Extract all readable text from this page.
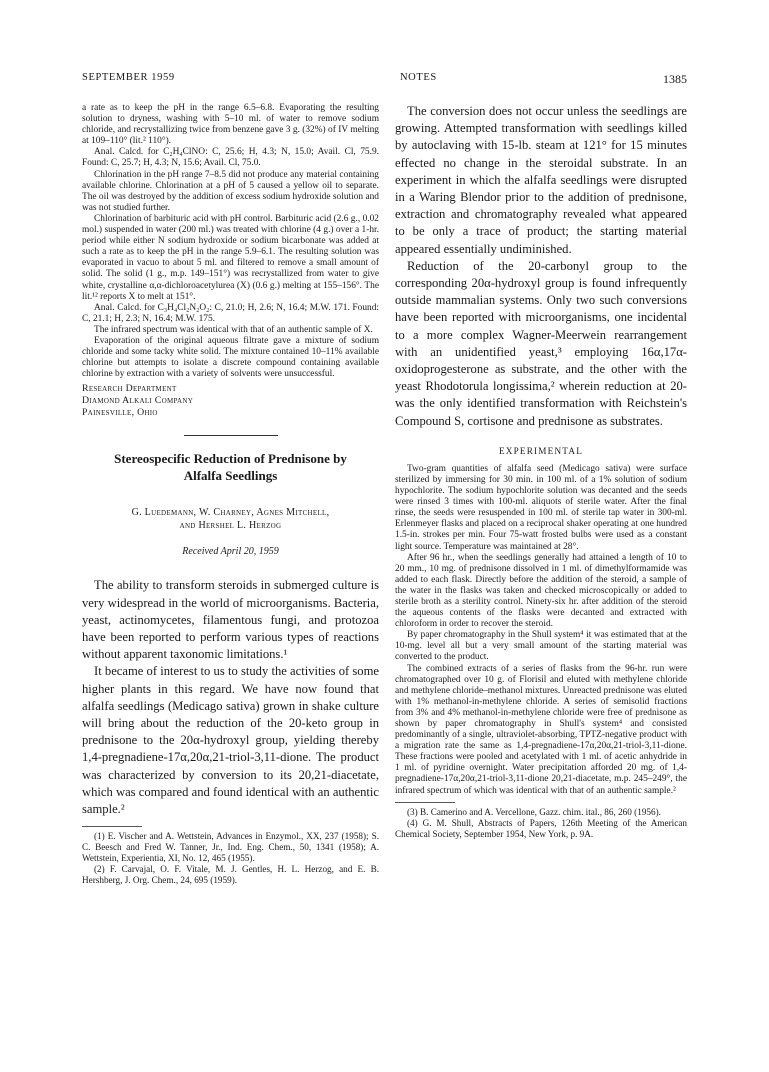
SEPTEMBER 1959	NOTES	1385

a rate as to keep the pH in the range 6.5–6.8. Evaporating the resulting solution to dryness, washing with 5–10 ml. of water to remove sodium chloride, and recrystallizing twice from benzene gave 3 g. (32%) of IV melting at 109–110° (lit.² 110°).

Anal. Calcd. for C₂H₄ClNO: C, 25.6; H, 4.3; N, 15.0; Avail. Cl, 75.9. Found: C, 25.7; H, 4.3; N, 15.6; Avail. Cl, 75.0.

Chlorination in the pH range 7–8.5 did not produce any material containing available chlorine. Chlorination at a pH of 5 caused a yellow oil to separate. The oil was destroyed by the addition of excess sodium hydroxide solution and was not studied further.

Chlorination of barbituric acid with pH control. Barbituric acid (2.6 g., 0.02 mol.) suspended in water (200 ml.) was treated with chlorine (4 g.) over a 1-hr. period while either N sodium hydroxide or sodium bicarbonate was added at such a rate as to keep the pH in the range 5.9–6.1. The resulting solution was evaporated in vacuo to about 5 ml. and filtered to remove a small amount of solid. The solid (1 g., m.p. 149–151°) was recrystallized from water to give white, crystalline α,α-dichloroacetylurea (X) (0.6 g.) melting at 155–156°. The lit.¹² reports X to melt at 151°.

Anal. Calcd. for C₃H₄Cl₂N₂O₂: C, 21.0; H, 2.6; N, 16.4; M.W. 171. Found: C, 21.1; H, 2.3; N, 16.4; M.W. 175.

The infrared spectrum was identical with that of an authentic sample of X.

Evaporation of the original aqueous filtrate gave a mixture of sodium chloride and some tacky white solid. The mixture contained 10–11% available chlorine but attempts to isolate a discrete compound containing available chlorine by extraction with a variety of solvents were unsuccessful.

Research Department
Diamond Alkali Company
Painesville, Ohio
Stereospecific Reduction of Prednisone by
Alfalfa Seedlings
G. Luedemann, W. Charney, Agnes Mitchell,
and Hershel L. Herzog
Received April 20, 1959

The ability to transform steroids in submerged culture is very widespread in the world of microorganisms. Bacteria, yeast, actinomycetes, filamentous fungi, and protozoa have been reported to perform various types of reactions without apparent taxonomic limitations.¹

It became of interest to us to study the activities of some higher plants in this regard. We have now found that alfalfa seedlings (Medicago sativa) grown in shake culture will bring about the reduction of the 20-keto group in prednisone to the 20α-hydroxyl group, yielding thereby 1,4-pregnadiene-17α,20α,21-triol-3,11-dione. The product was characterized by conversion to its 20,21-diacetate, which was compared and found identical with an authentic sample.²

(1) E. Vischer and A. Wettstein, Advances in Enzymol., XX, 237 (1958); S. C. Beesch and Fred W. Tanner, Jr., Ind. Eng. Chem., 50, 1341 (1958); A. Wettstein, Experientia, XI, No. 12, 465 (1955).

(2) F. Carvajal, O. F. Vitale, M. J. Gentles, H. L. Herzog, and E. B. Hershberg, J. Org. Chem., 24, 695 (1959).

The conversion does not occur unless the seedlings are growing. Attempted transformation with seedlings killed by autoclaving with 15-lb. steam at 121° for 15 minutes effected no change in the steroidal substrate. In an experiment in which the alfalfa seedlings were disrupted in a Waring Blendor prior to the addition of prednisone, extraction and chromatography revealed what appeared to be only a trace of product; the starting material appeared essentially undiminished.

Reduction of the 20-carbonyl group to the corresponding 20α-hydroxyl group is found infrequently outside mammalian systems. Only two such conversions have been reported with microorganisms, one incidental to a more complex Wagner-Meerwein rearrangement with an unidentified yeast,³ employing 16α,17α-oxidoprogesterone as substrate, and the other with the yeast Rhodotorula longissima,² wherein reduction at 20- was the only identified transformation with Reichstein's Compound S, cortisone and prednisone as substrates.

EXPERIMENTAL

Two-gram quantities of alfalfa seed (Medicago sativa) were surface sterilized by immersing for 30 min. in 100 ml. of a 1% solution of sodium hypochlorite. The sodium hypochlorite solution was decanted and the seeds were rinsed 3 times with 100-ml. aliquots of sterile water. After the final rinse, the seeds were resuspended in 100 ml. of sterile tap water in 300-ml. Erlenmeyer flasks and placed on a reciprocal shaker operating at one hundred 1.5-in. strokes per min. Four 75-watt frosted bulbs were used as a constant light source. Temperature was maintained at 28°.

After 96 hr., when the seedlings generally had attained a length of 10 to 20 mm., 10 mg. of prednisone dissolved in 1 ml. of dimethylformamide was added to each flask. Directly before the addition of the steroid, a sample of the water in the flasks was taken and checked microscopically or added to sterile broth as a sterility control. Ninety-six hr. after addition of the steroid the aqueous contents of the flasks were decanted and extracted with chloroform in order to recover the steroid.

By paper chromatography in the Shull system⁴ it was estimated that at the 10-mg. level all but a very small amount of the starting material was converted to the product.

The combined extracts of a series of flasks from the 96-hr. run were chromatographed over 10 g. of Florisil and eluted with methylene chloride and methylene chloride–methanol mixtures. Unreacted prednisone was eluted with 1% methanol-in-methylene chloride. A series of semisolid fractions from 3% and 4% methanol-in-methylene chloride were free of prednisone as shown by paper chromatography in Shull's system⁴ and consisted predominantly of a single, ultraviolet-absorbing, TPTZ-negative product with a migration rate the same as 1,4-pregnadiene-17α,20α,21-triol-3,11-dione. These fractions were pooled and acetylated with 1 ml. of acetic anhydride in 1 ml. of pyridine overnight. Water precipitation afforded 20 mg. of 1,4-pregnadiene-17α,20α,21-triol-3,11-dione 20,21-diacetate, m.p. 245–249°, the infrared spectrum of which was identical with that of an authentic sample.²

(3) B. Camerino and A. Vercellone, Gazz. chim. ital., 86, 260 (1956).

(4) G. M. Shull, Abstracts of Papers, 126th Meeting of the American Chemical Society, September 1954, New York, p. 9A.
